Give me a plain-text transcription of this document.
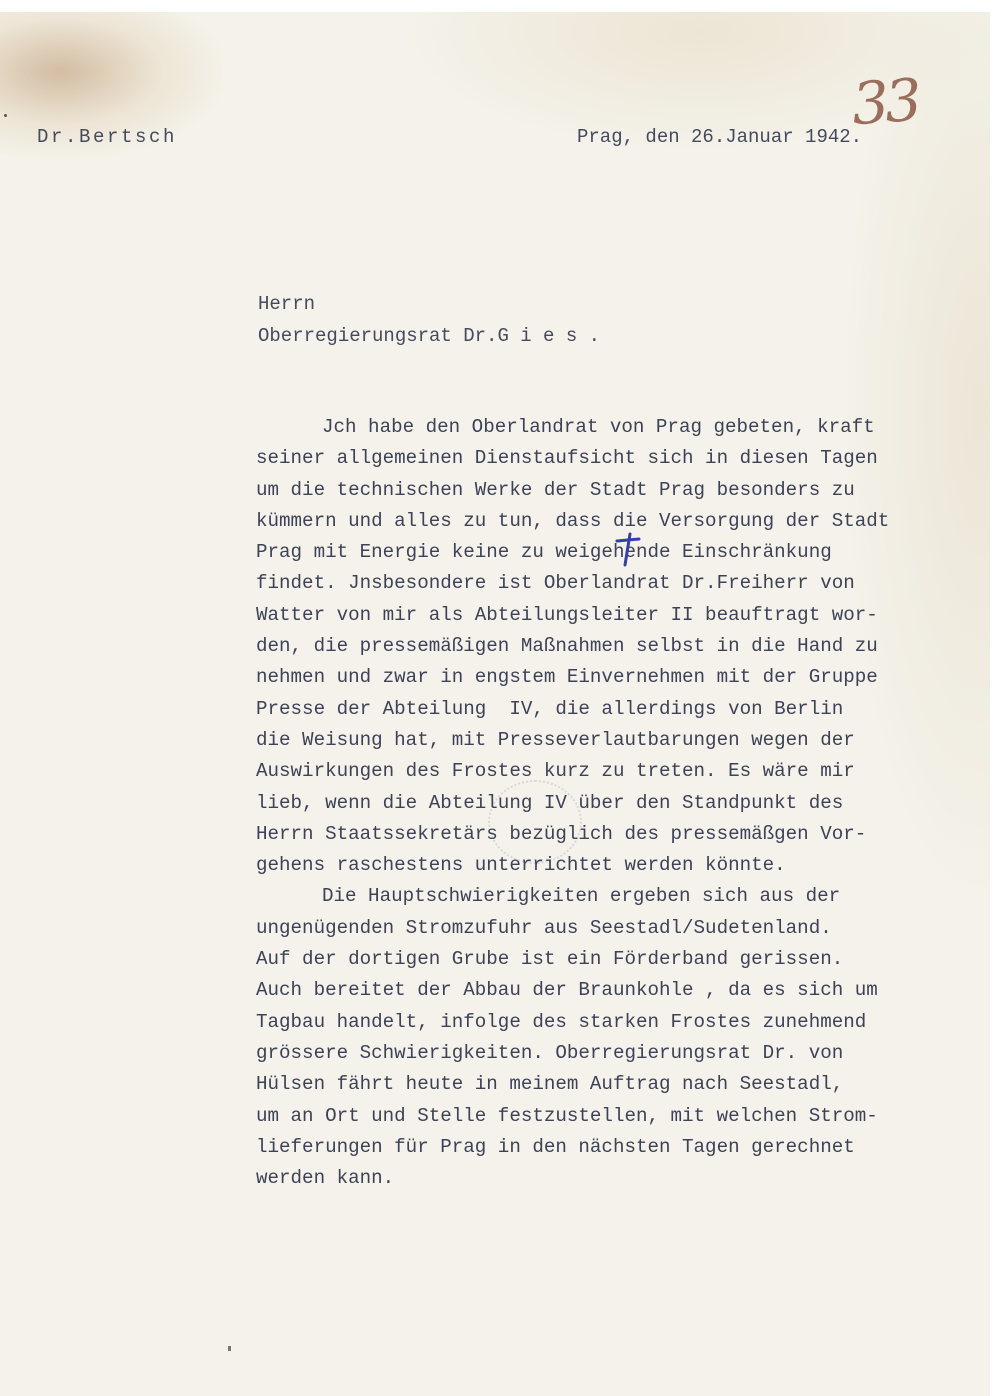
Dr.Bertsch	Prag, den 26.Januar 1942.
33
Herrn
Oberregierungsrat Dr.G i e s .
Jch habe den Oberlandrat von Prag gebeten, kraft
seiner allgemeinen Dienstaufsicht sich in diesen Tagen
um die technischen Werke der Stadt Prag besonders zu
kümmern und alles zu tun, dass die Versorgung der Stadt
Prag mit Energie keine zu weigehende Einschränkung
findet. Jnsbesondere ist Oberlandrat Dr.Freiherr von
Watter von mir als Abteilungsleiter II beauftragt wor-
den, die pressemäßigen Maßnahmen selbst in die Hand zu
nehmen und zwar in engstem Einvernehmen mit der Gruppe
Presse der Abteilung  IV, die allerdings von Berlin
die Weisung hat, mit Presseverlautbarungen wegen der
Auswirkungen des Frostes kurz zu treten. Es wäre mir
lieb, wenn die Abteilung IV über den Standpunkt des
Herrn Staatssekretärs bezüglich des pressemäßgen Vor-
gehens raschestens unterrichtet werden könnte.
Die Hauptschwierigkeiten ergeben sich aus der
ungenügenden Stromzufuhr aus Seestadl/Sudetenland.
Auf der dortigen Grube ist ein Förderband gerissen.
Auch bereitet der Abbau der Braunkohle , da es sich um
Tagbau handelt, infolge des starken Frostes zunehmend
grössere Schwierigkeiten. Oberregierungsrat Dr. von
Hülsen fährt heute in meinem Auftrag nach Seestadl,
um an Ort und Stelle festzustellen, mit welchen Strom-
lieferungen für Prag in den nächsten Tagen gerechnet
werden kann.
